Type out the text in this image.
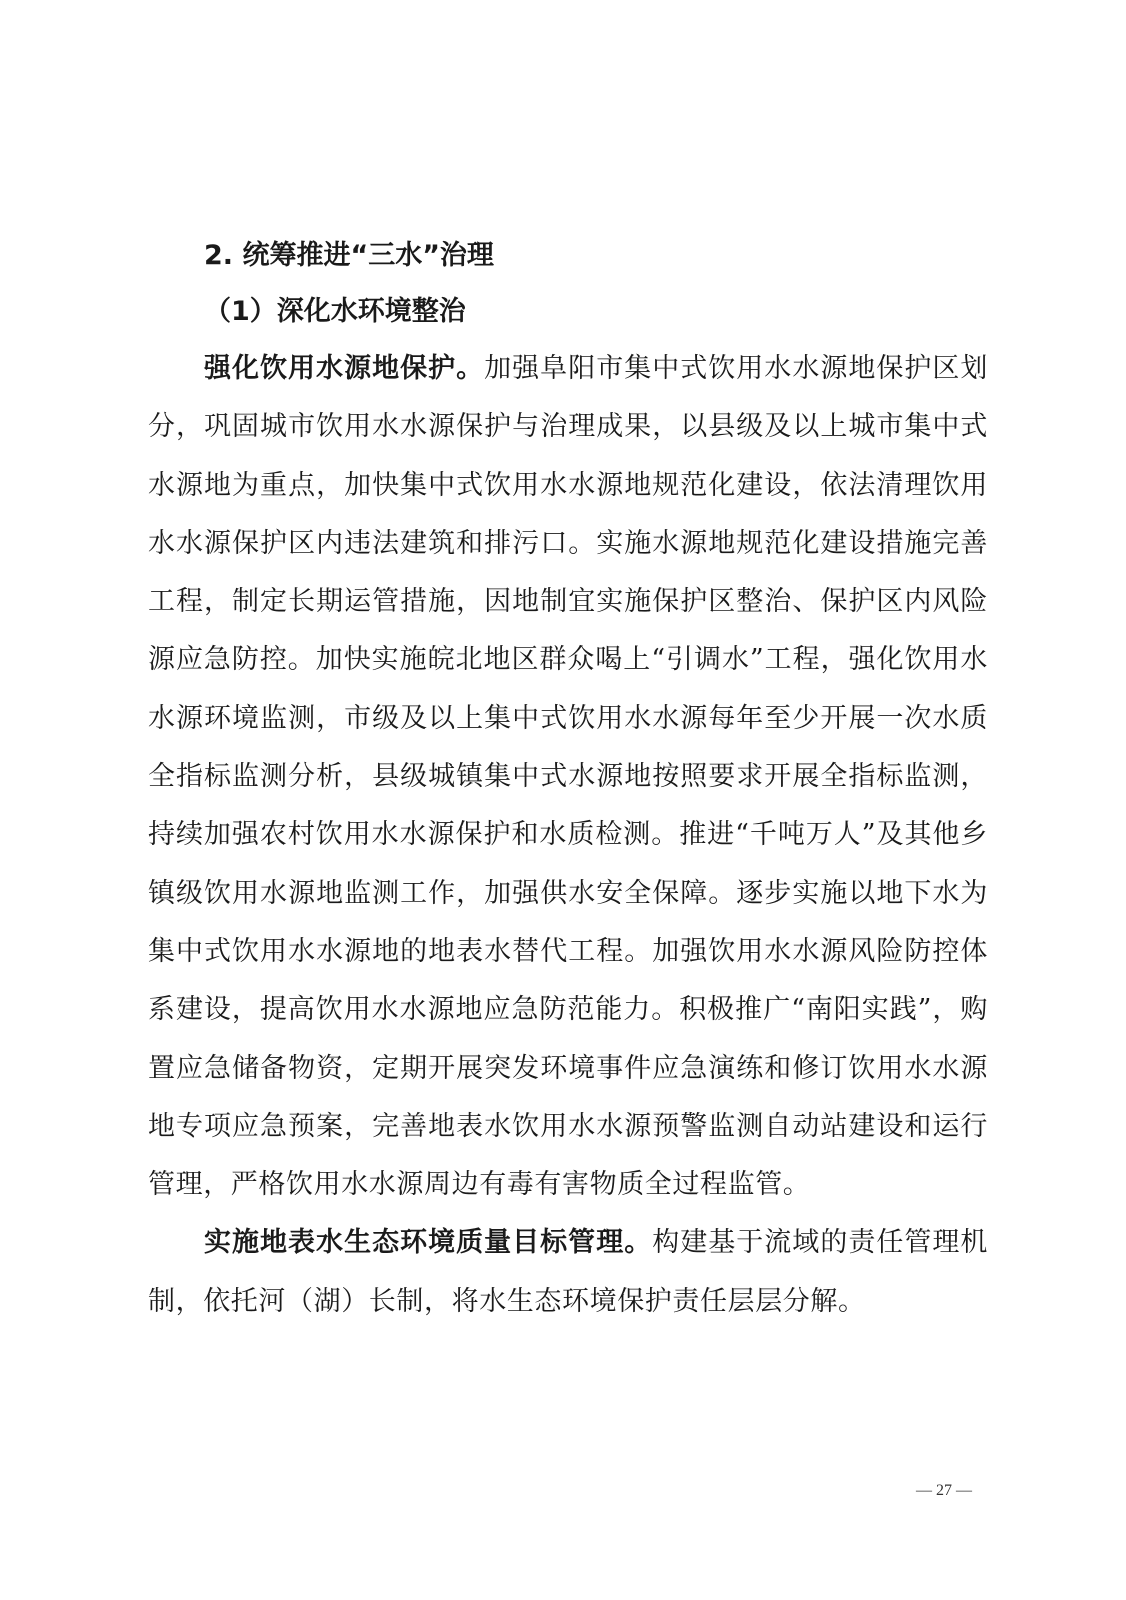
2. 统筹推进“三水”治理

（1）深化水环境整治

强化饮用水源地保护。加强阜阳市集中式饮用水水源地保护区划分，巩固城市饮用水水源保护与治理成果，以县级及以上城市集中式水源地为重点，加快集中式饮用水水源地规范化建设，依法清理饮用水水源保护区内违法建筑和排污口。实施水源地规范化建设措施完善工程，制定长期运管措施，因地制宜实施保护区整治、保护区内风险源应急防控。加快实施皖北地区群众喝上“引调水”工程，强化饮用水水源环境监测，市级及以上集中式饮用水水源每年至少开展一次水质全指标监测分析，县级城镇集中式水源地按照要求开展全指标监测，持续加强农村饮用水水源保护和水质检测。推进“千吨万人”及其他乡镇级饮用水源地监测工作，加强供水安全保障。逐步实施以地下水为集中式饮用水水源地的地表水替代工程。加强饮用水水源风险防控体系建设，提高饮用水水源地应急防范能力。积极推广“南阳实践”，购置应急储备物资，定期开展突发环境事件应急演练和修订饮用水水源地专项应急预案，完善地表水饮用水水源预警监测自动站建设和运行管理，严格饮用水水源周边有毒有害物质全过程监管。

实施地表水生态环境质量目标管理。构建基于流域的责任管理机制，依托河（湖）长制，将水生态环境保护责任层层分解。

— 27 —
